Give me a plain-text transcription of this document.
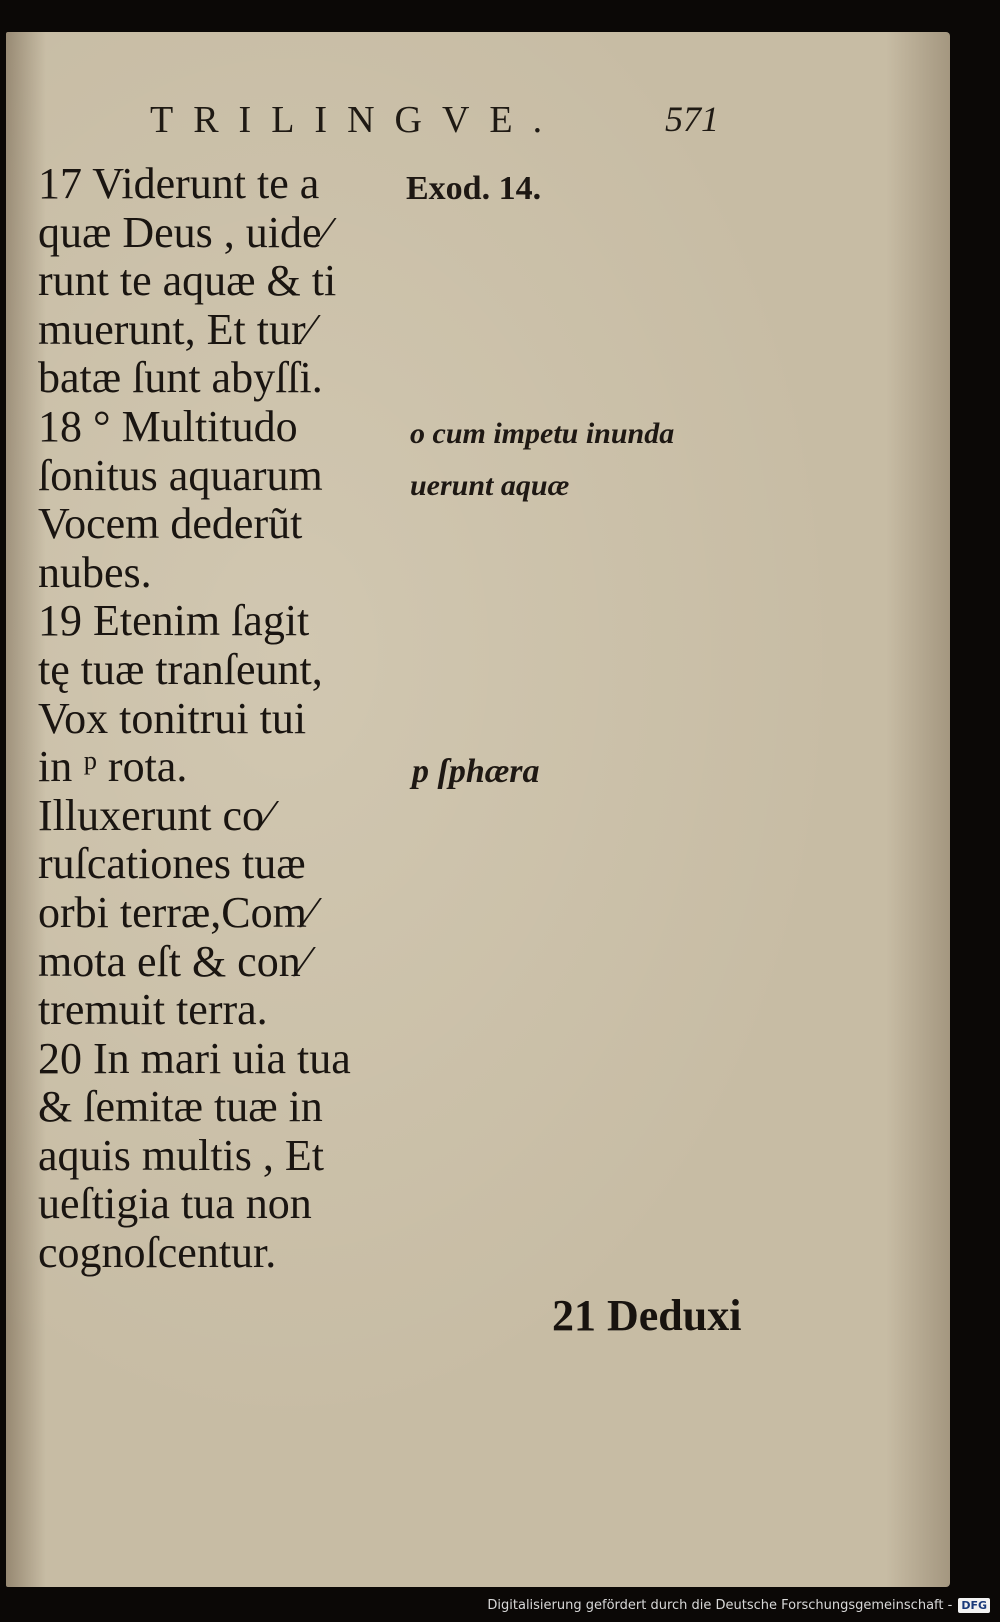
TRILINGVE.	571
17 Viderunt te a
quæ Deus , uide⁄
runt te aquæ & ti
muerunt, Et tur⁄
batæ ſunt abyſſi.
18 ° Multitudo
ſonitus aquarum
Vocem dederũt
nubes.
19 Etenim ſagit
tę tuæ tranſeunt,
Vox tonitrui tui
in ᵖ rota.
Illuxerunt co⁄
ruſcationes tuæ
orbi terræ,Com⁄
mota eſt & con⁄
tremuit terra.
20 In mari uia tua
& ſemitæ tuæ in
aquis multis , Et
ueſtigia tua non
cognoſcentur.
Exod. 14.
o cum impetu inunda
uerunt aquæ
p ſphæra
21 Deduxi
Digitalisierung gefördert durch die Deutsche Forschungsgemeinschaft - DFG
